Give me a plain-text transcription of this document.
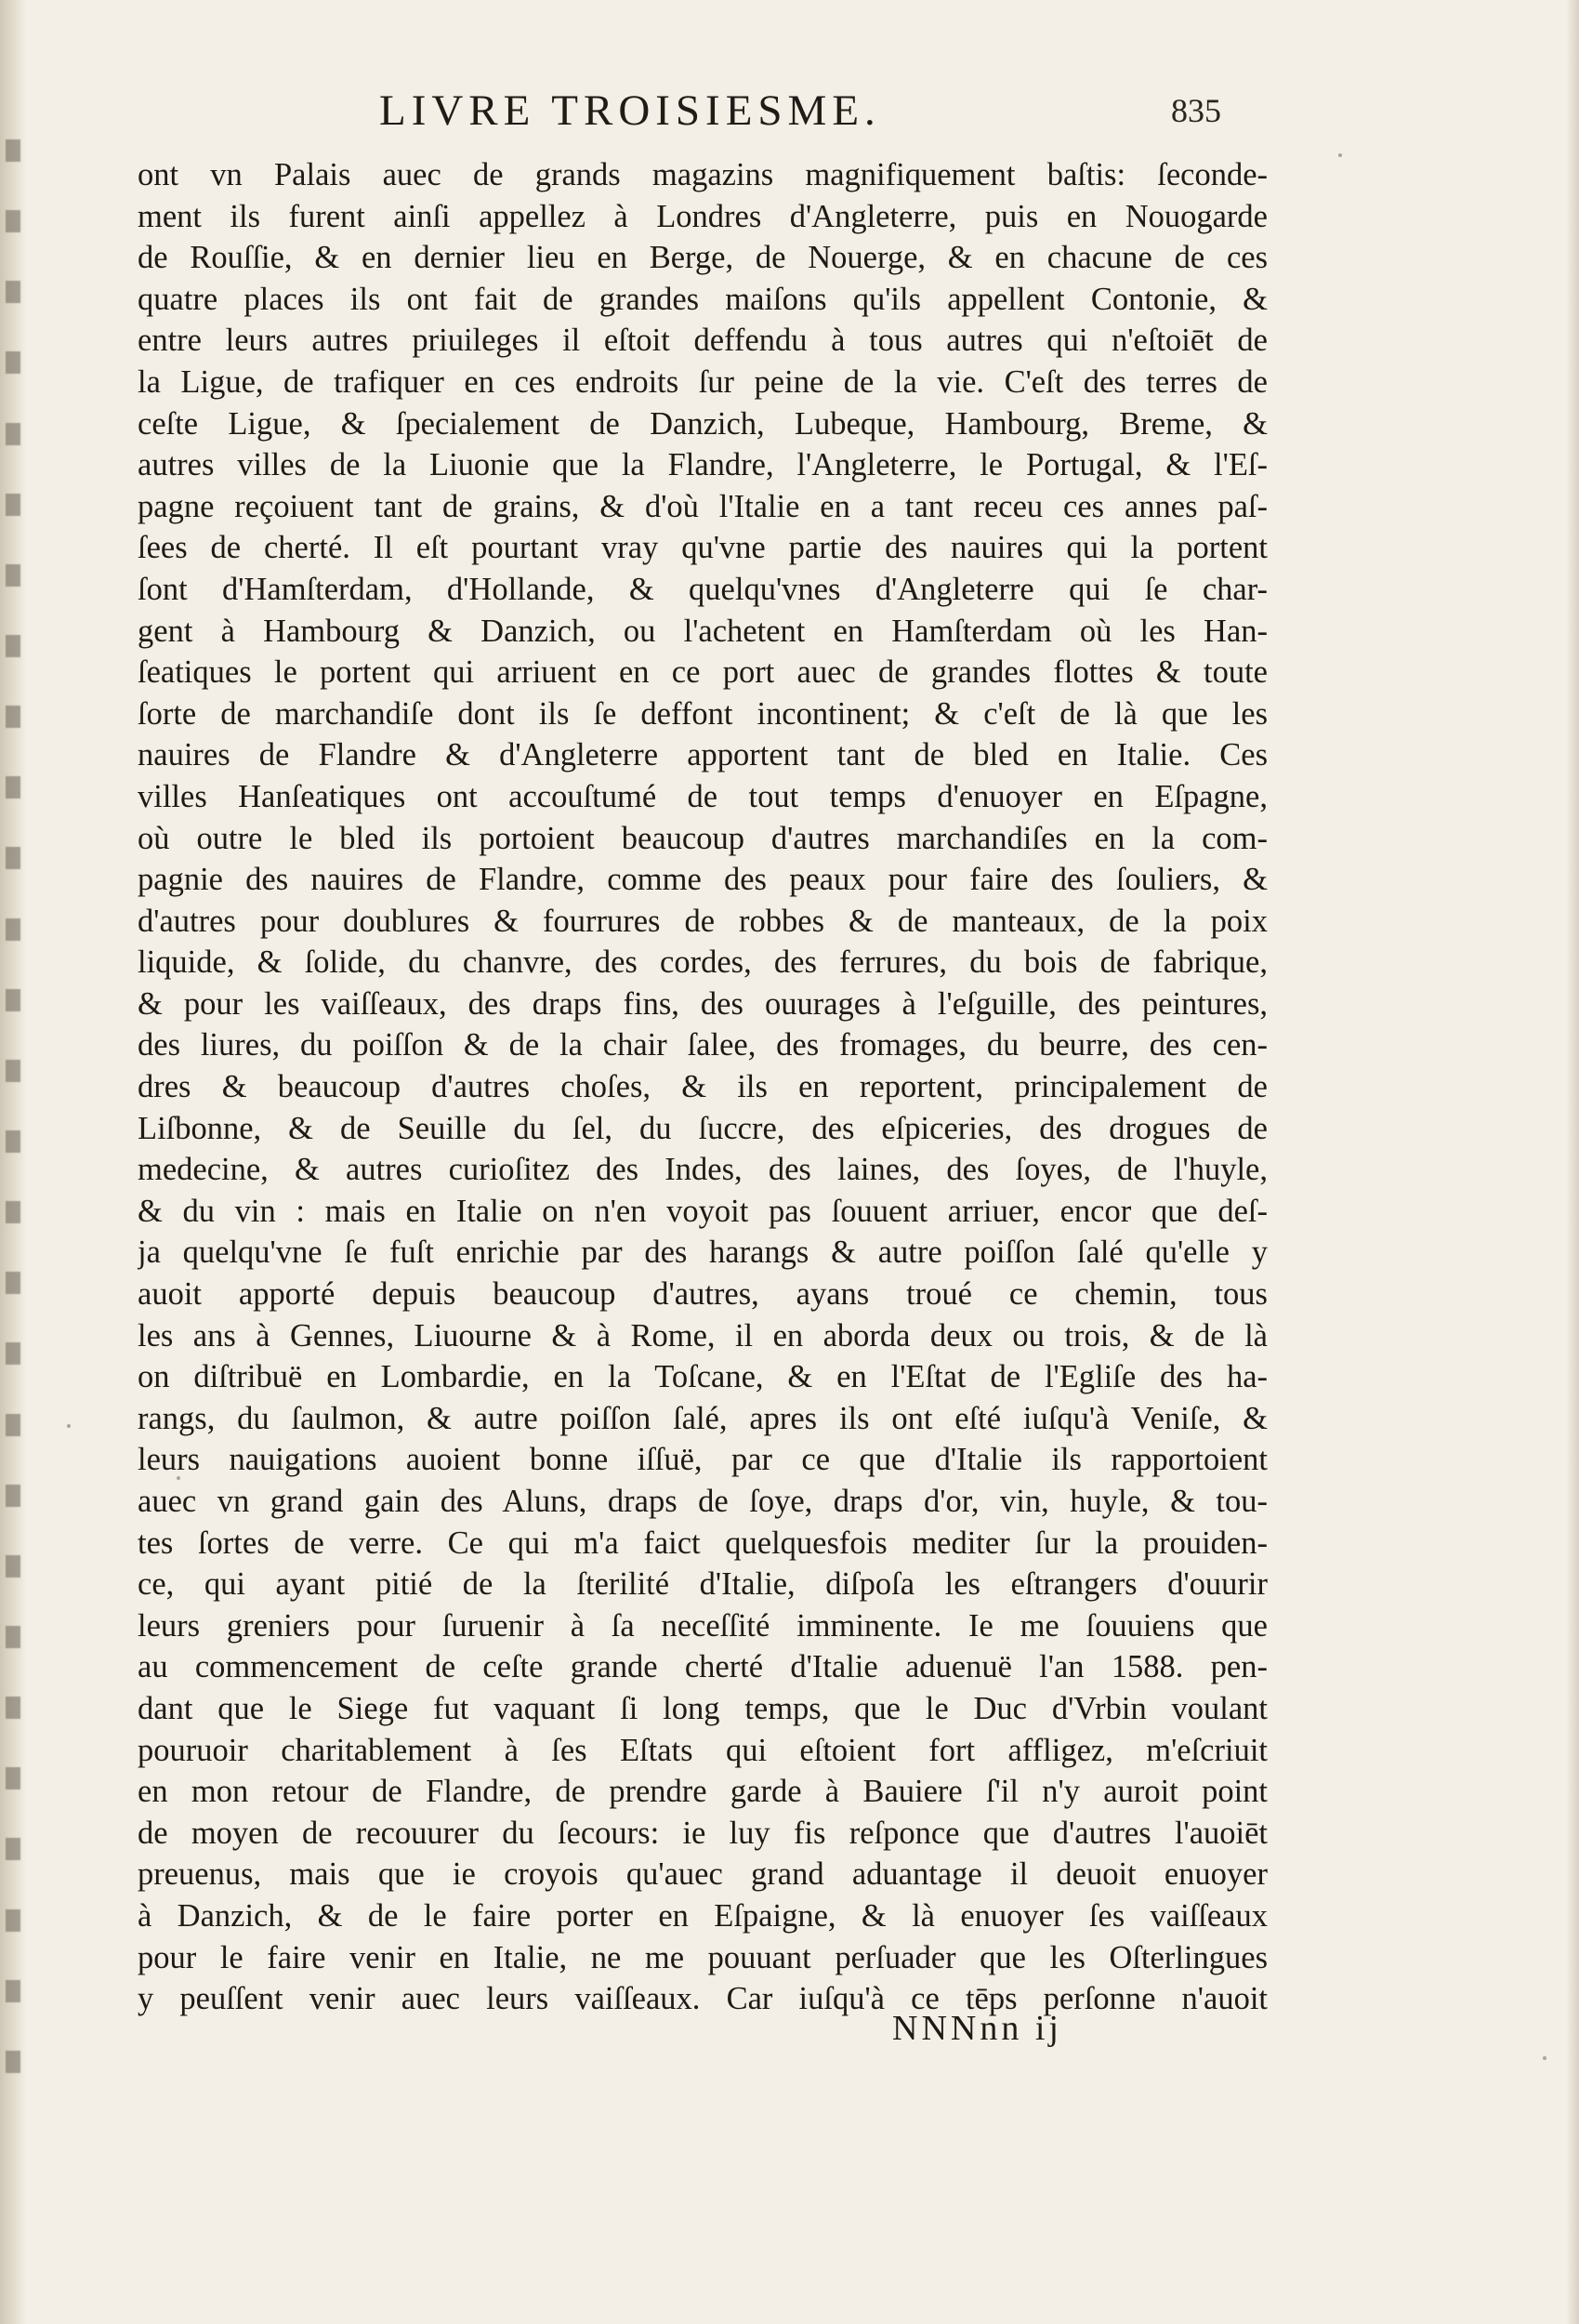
LIVRE TROISIESME.	835
ont vn Palais auec de grands magazins magnifiquement baſtis: ſeconde-
ment ils furent ainſi appellez à Londres d'Angleterre, puis en Nouogarde
de Rouſſie, & en dernier lieu en Berge, de Nouerge, & en chacune de ces
quatre places ils ont fait de grandes maiſons qu'ils appellent Contonie, &
entre leurs autres priuileges il eſtoit deffendu à tous autres qui n'eſtoiēt de
la Ligue, de trafiquer en ces endroits ſur peine de la vie. C'eſt des terres de
ceſte Ligue, & ſpecialement de Danzich, Lubeque, Hambourg, Breme, &
autres villes de la Liuonie que la Flandre, l'Angleterre, le Portugal, & l'Eſ-
pagne reçoiuent tant de grains, & d'où l'Italie en a tant receu ces annes paſ-
ſees de cherté. Il eſt pourtant vray qu'vne partie des nauires qui la portent
ſont d'Hamſterdam, d'Hollande, & quelqu'vnes d'Angleterre qui ſe char-
gent à Hambourg & Danzich, ou l'achetent en Hamſterdam où les Han-
ſeatiques le portent qui arriuent en ce port auec de grandes flottes & toute
ſorte de marchandiſe dont ils ſe deffont incontinent; & c'eſt de là que les
nauires de Flandre & d'Angleterre apportent tant de bled en Italie. Ces
villes Hanſeatiques ont accouſtumé de tout temps d'enuoyer en Eſpagne,
où outre le bled ils portoient beaucoup d'autres marchandiſes en la com-
pagnie des nauires de Flandre, comme des peaux pour faire des ſouliers, &
d'autres pour doublures & fourrures de robbes & de manteaux, de la poix
liquide, & ſolide, du chanvre, des cordes, des ferrures, du bois de fabrique,
& pour les vaiſſeaux, des draps fins, des ouurages à l'eſguille, des peintures,
des liures, du poiſſon & de la chair ſalee, des fromages, du beurre, des cen-
dres & beaucoup d'autres choſes, & ils en reportent, principalement de
Liſbonne, & de Seuille du ſel, du ſuccre, des eſpiceries, des drogues de
medecine, & autres curioſitez des Indes, des laines, des ſoyes, de l'huyle,
& du vin : mais en Italie on n'en voyoit pas ſouuent arriuer, encor que deſ-
ja quelqu'vne ſe fuſt enrichie par des harangs & autre poiſſon ſalé qu'elle y
auoit apporté depuis beaucoup d'autres, ayans troué ce chemin, tous
les ans à Gennes, Liuourne & à Rome, il en aborda deux ou trois, & de là
on diſtribuë en Lombardie, en la Toſcane, & en l'Eſtat de l'Egliſe des ha-
rangs, du ſaulmon, & autre poiſſon ſalé, apres ils ont eſté iuſqu'à Veniſe, &
leurs nauigations auoient bonne iſſuë, par ce que d'Italie ils rapportoient
auec vn grand gain des Aluns, draps de ſoye, draps d'or, vin, huyle, & tou-
tes ſortes de verre. Ce qui m'a faict quelquesfois mediter ſur la prouiden-
ce, qui ayant pitié de la ſterilité d'Italie, diſpoſa les eſtrangers d'ouurir
leurs greniers pour ſuruenir à ſa neceſſité imminente. Ie me ſouuiens que
au commencement de ceſte grande cherté d'Italie aduenuë l'an 1588. pen-
dant que le Siege fut vaquant ſi long temps, que le Duc d'Vrbin voulant
pouruoir charitablement à ſes Eſtats qui eſtoient fort affligez, m'eſcriuit
en mon retour de Flandre, de prendre garde à Bauiere ſ'il n'y auroit point
de moyen de recouurer du ſecours: ie luy fis reſponce que d'autres l'auoiēt
preuenus, mais que ie croyois qu'auec grand aduantage il deuoit enuoyer
à Danzich, & de le faire porter en Eſpaigne, & là enuoyer ſes vaiſſeaux
pour le faire venir en Italie, ne me pouuant perſuader que les Oſterlingues
y peuſſent venir auec leurs vaiſſeaux. Car iuſqu'à ce tēps perſonne n'auoit
NNNnn ij
